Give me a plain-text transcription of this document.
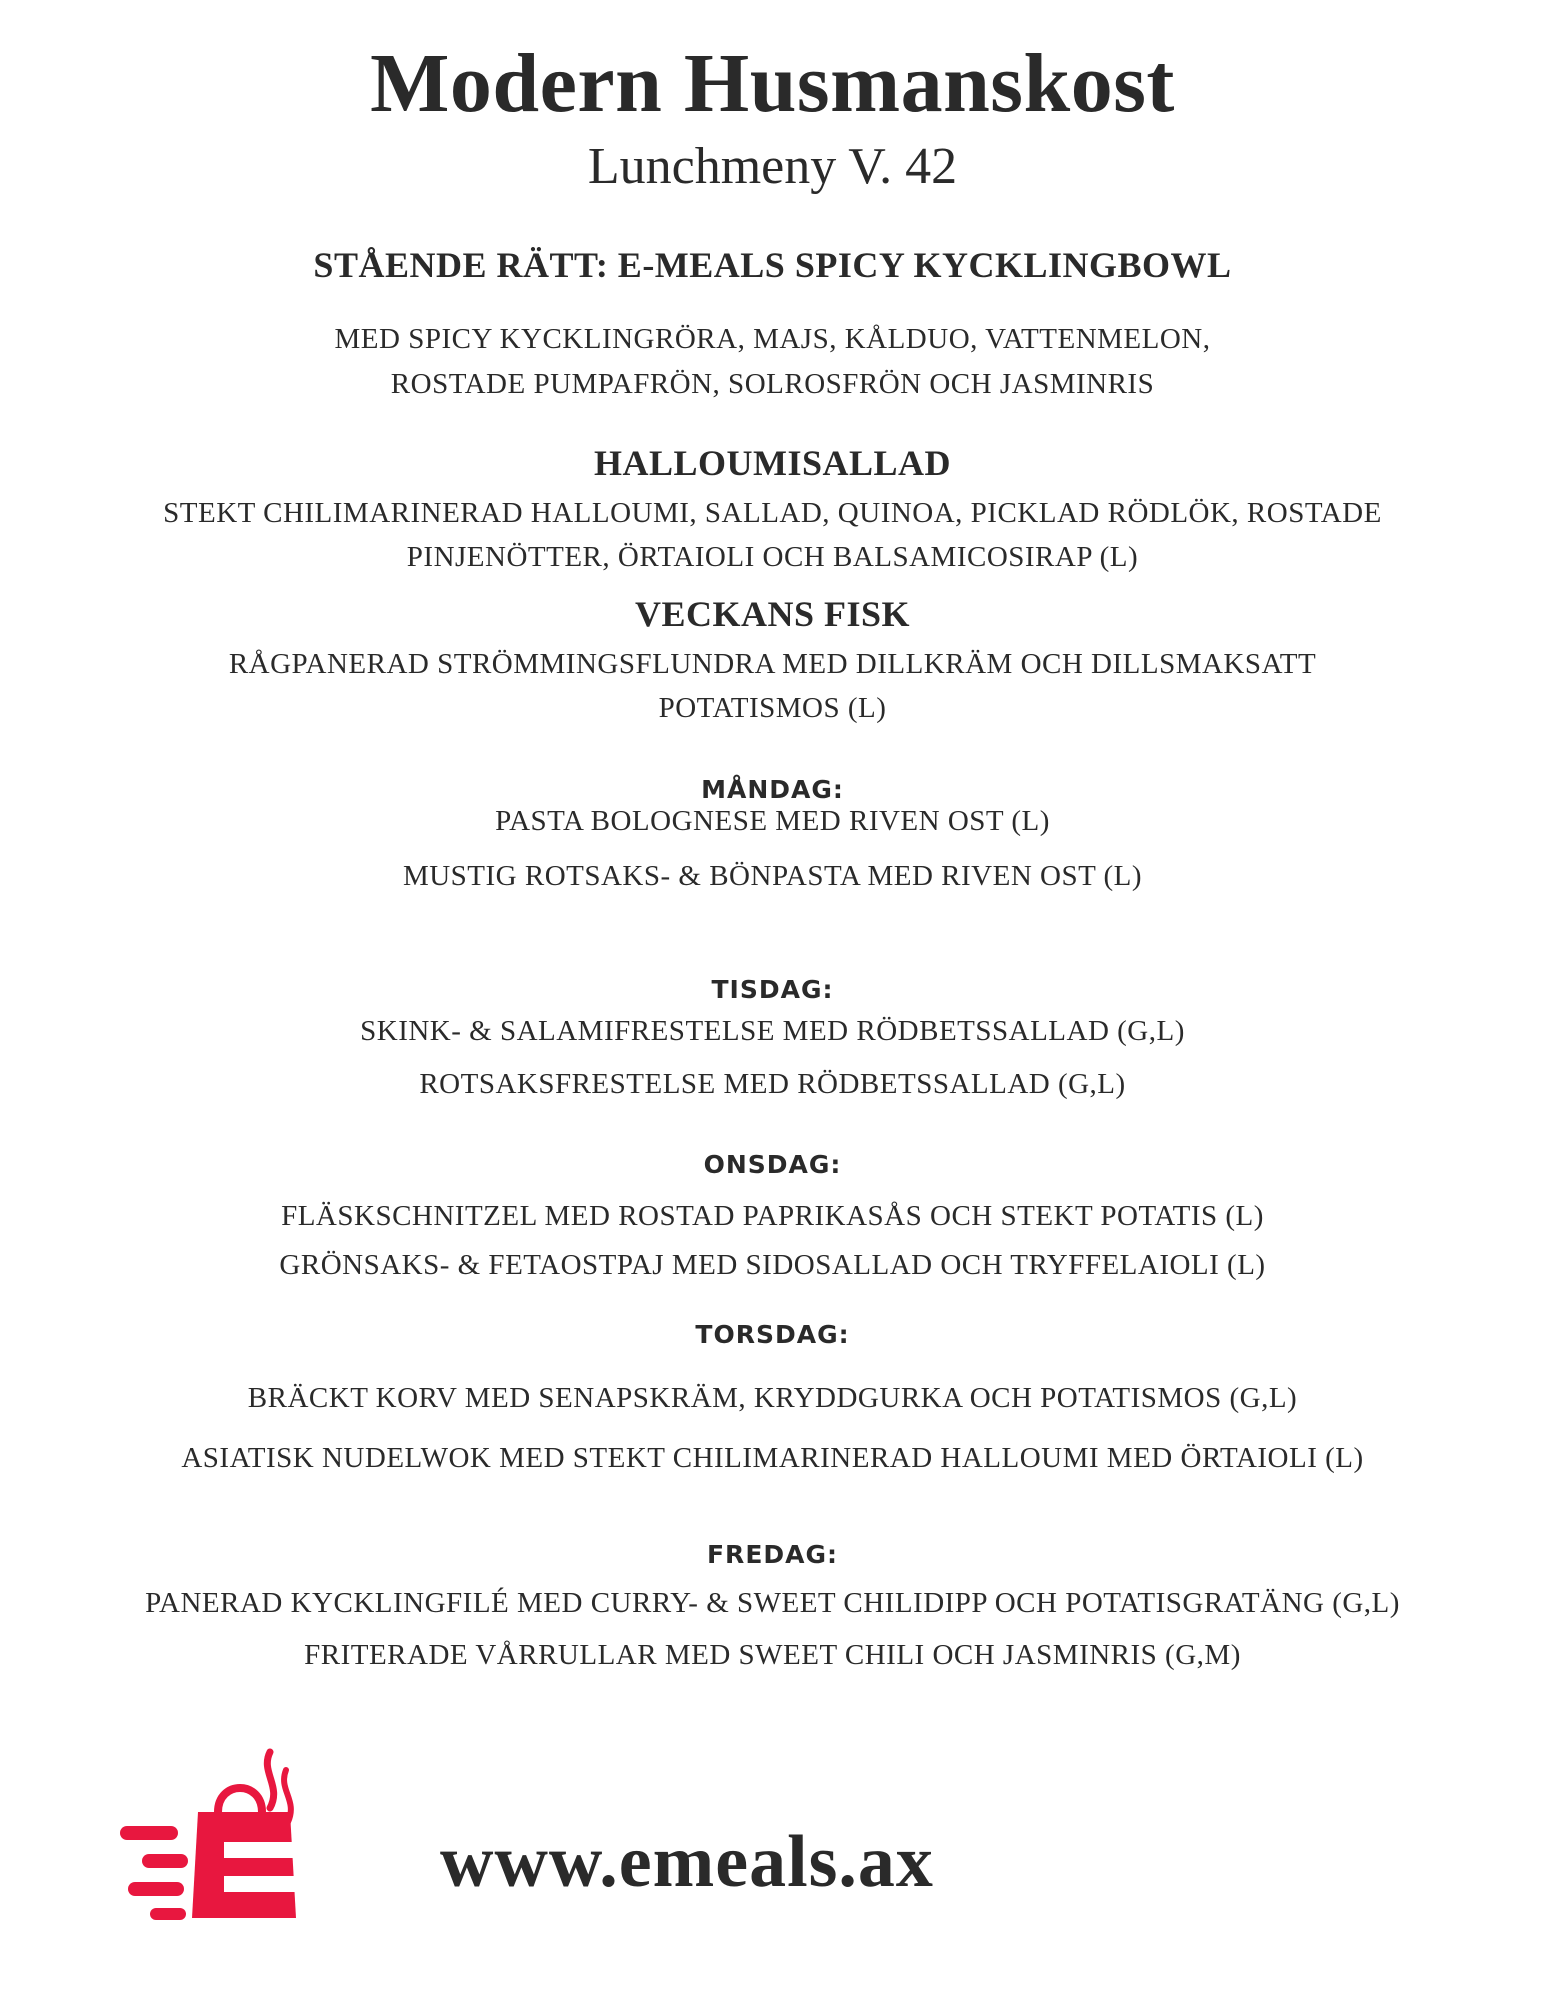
Modern Husmanskost
Lunchmeny V. 42
STÅENDE RÄTT: E-MEALS SPICY KYCKLINGBOWL
MED SPICY KYCKLINGRÖRA, MAJS, KÅLDUO, VATTENMELON,
ROSTADE PUMPAFRÖN, SOLROSFRÖN OCH JASMINRIS
HALLOUMISALLAD
STEKT CHILIMARINERAD HALLOUMI, SALLAD, QUINOA, PICKLAD RÖDLÖK, ROSTADE
PINJENÖTTER, ÖRTAIOLI OCH BALSAMICOSIRAP (L)
VECKANS FISK
RÅGPANERAD STRÖMMINGSFLUNDRA MED DILLKRÄM OCH DILLSMAKSATT
POTATISMOS (L)
MÅNDAG:
PASTA BOLOGNESE MED RIVEN OST (L)
MUSTIG ROTSAKS- & BÖNPASTA MED RIVEN OST (L)
TISDAG:
SKINK- & SALAMIFRESTELSE MED RÖDBETSSALLAD (G,L)
ROTSAKSFRESTELSE MED RÖDBETSSALLAD (G,L)
ONSDAG:
FLÄSKSCHNITZEL MED ROSTAD PAPRIKASÅS OCH STEKT POTATIS (L)
GRÖNSAKS- & FETAOSTPAJ MED SIDOSALLAD OCH TRYFFELAIOLI (L)
TORSDAG:
BRÄCKT KORV MED SENAPSKRÄM, KRYDDGURKA OCH POTATISMOS (G,L)
ASIATISK NUDELWOK MED STEKT CHILIMARINERAD HALLOUMI MED ÖRTAIOLI (L)
FREDAG:
PANERAD KYCKLINGFILÉ MED CURRY- & SWEET CHILIDIPP OCH POTATISGRATÄNG (G,L)
FRITERADE VÅRRULLAR MED SWEET CHILI OCH JASMINRIS (G,M)
www.emeals.ax
